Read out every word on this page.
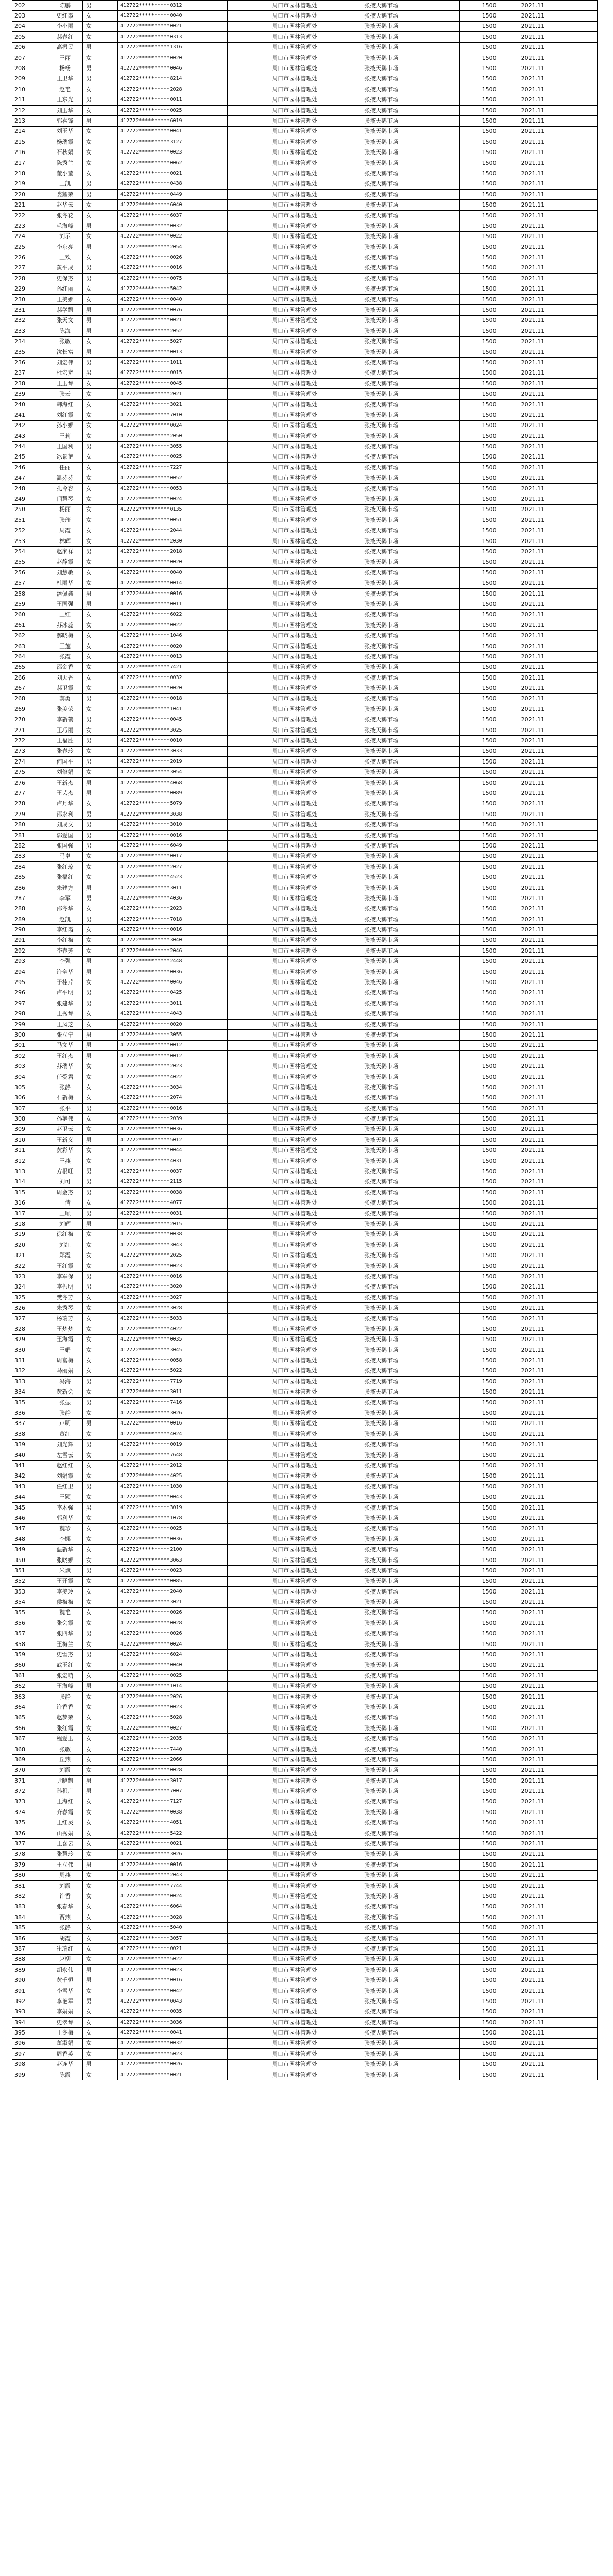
202	陈鹏	男	412722**********0312	周口市园林管理处	张掖天鹅市场	1500	2021.11
203	史红霞	女	412722**********0040	周口市园林管理处	张掖天鹅市场	1500	2021.11
204	李小丽	女	412722**********0021	周口市园林管理处	张掖天鹅市场	1500	2021.11
205	郝春红	女	412722**********0313	周口市园林管理处	张掖天鹅市场	1500	2021.11
206	高振民	男	412722**********1316	周口市园林管理处	张掖天鹅市场	1500	2021.11
207	王丽	女	412722**********0020	周口市园林管理处	张掖天鹅市场	1500	2021.11
208	杨杨	男	412722**********0046	周口市园林管理处	张掖天鹅市场	1500	2021.11
209	王卫华	男	412722**********8214	周口市园林管理处	张掖天鹅市场	1500	2021.11
210	赵艳	女	412722**********2028	周口市园林管理处	张掖天鹅市场	1500	2021.11
211	王东光	男	412722**********0011	周口市园林管理处	张掖天鹅市场	1500	2021.11
212	刘玉华	女	412722**********0025	周口市园林管理处	张掖天鹅市场	1500	2021.11
213	郭喜锋	男	412722**********6019	周口市园林管理处	张掖天鹅市场	1500	2021.11
214	刘玉华	女	412722**********0041	周口市园林管理处	张掖天鹅市场	1500	2021.11
215	杨瑞霞	女	412722**********3127	周口市园林管理处	张掖天鹅市场	1500	2021.11
216	石秋娟	女	412722**********0023	周口市园林管理处	张掖天鹅市场	1500	2021.11
217	陈秀兰	女	412722**********0062	周口市园林管理处	张掖天鹅市场	1500	2021.11
218	董小莹	女	412722**********0021	周口市园林管理处	张掖天鹅市场	1500	2021.11
219	王凯	男	412722**********0438	周口市园林管理处	张掖天鹅市场	1500	2021.11
220	娄耀荣	男	412722**********0449	周口市园林管理处	张掖天鹅市场	1500	2021.11
221	赵华云	女	412722**********6040	周口市园林管理处	张掖天鹅市场	1500	2021.11
222	张冬花	女	412722**********6037	周口市园林管理处	张掖天鹅市场	1500	2021.11
223	毛海峰	男	412722**********0032	周口市园林管理处	张掖天鹅市场	1500	2021.11
224	刘示	女	412722**********0022	周口市园林管理处	张掖天鹅市场	1500	2021.11
225	李东亮	男	412722**********2054	周口市园林管理处	张掖天鹅市场	1500	2021.11
226	王欢	女	412722**********0026	周口市园林管理处	张掖天鹅市场	1500	2021.11
227	黄平成	男	412722**********0016	周口市园林管理处	张掖天鹅市场	1500	2021.11
228	史保杰	男	412722**********0075	周口市园林管理处	张掖天鹅市场	1500	2021.11
229	孙红丽	女	412722**********5042	周口市园林管理处	张掖天鹅市场	1500	2021.11
230	王美娜	女	412722**********0040	周口市园林管理处	张掖天鹅市场	1500	2021.11
231	郝学凯	男	412722**********0076	周口市园林管理处	张掖天鹅市场	1500	2021.11
232	张天文	男	412722**********0021	周口市园林管理处	张掖天鹅市场	1500	2021.11
233	陈海	男	412722**********2052	周口市园林管理处	张掖天鹅市场	1500	2021.11
234	张敏	女	412722**********5027	周口市园林管理处	张掖天鹅市场	1500	2021.11
235	沈长富	男	412722**********0013	周口市园林管理处	张掖天鹅市场	1500	2021.11
236	刘宏伟	男	412722**********1011	周口市园林管理处	张掖天鹅市场	1500	2021.11
237	杜宏宽	男	412722**********0015	周口市园林管理处	张掖天鹅市场	1500	2021.11
238	王玉琴	女	412722**********0045	周口市园林管理处	张掖天鹅市场	1500	2021.11
239	张云	女	412722**********2021	周口市园林管理处	张掖天鹅市场	1500	2021.11
240	韩海红	女	412722**********3021	周口市园林管理处	张掖天鹅市场	1500	2021.11
241	刘红霞	女	412722**********7010	周口市园林管理处	张掖天鹅市场	1500	2021.11
242	孙小娜	女	412722**********0024	周口市园林管理处	张掖天鹅市场	1500	2021.11
243	王莉	女	412722**********2050	周口市园林管理处	张掖天鹅市场	1500	2021.11
244	王国利	男	412722**********3055	周口市园林管理处	张掖天鹅市场	1500	2021.11
245	冰景艳	女	412722**********0025	周口市园林管理处	张掖天鹅市场	1500	2021.11
246	任丽	女	412722**********7227	周口市园林管理处	张掖天鹅市场	1500	2021.11
247	温芬芬	女	412722**********0052	周口市园林管理处	张掖天鹅市场	1500	2021.11
248	孔令容	女	412722**********0053	周口市园林管理处	张掖天鹅市场	1500	2021.11
249	闫慧琴	女	412722**********0024	周口市园林管理处	张掖天鹅市场	1500	2021.11
250	杨丽	女	412722**********0135	周口市园林管理处	张掖天鹅市场	1500	2021.11
251	张瑞	女	412722**********0051	周口市园林管理处	张掖天鹅市场	1500	2021.11
252	周霞	女	412722**********2044	周口市园林管理处	张掖天鹅市场	1500	2021.11
253	林辉	女	412722**********2030	周口市园林管理处	张掖天鹅市场	1500	2021.11
254	赵家祥	男	412722**********2018	周口市园林管理处	张掖天鹅市场	1500	2021.11
255	赵静霞	女	412722**********0020	周口市园林管理处	张掖天鹅市场	1500	2021.11
256	刘慧敏	女	412722**********0040	周口市园林管理处	张掖天鹅市场	1500	2021.11
257	杜丽华	女	412722**********0014	周口市园林管理处	张掖天鹅市场	1500	2021.11
258	潘佩鑫	男	412722**********0016	周口市园林管理处	张掖天鹅市场	1500	2021.11
259	王国强	男	412722**********0011	周口市园林管理处	张掖天鹅市场	1500	2021.11
260	王红	女	412722**********6022	周口市园林管理处	张掖天鹅市场	1500	2021.11
261	苏冰蕊	女	412722**********0022	周口市园林管理处	张掖天鹅市场	1500	2021.11
262	郝晓梅	女	412722**********1046	周口市园林管理处	张掖天鹅市场	1500	2021.11
263	王莲	女	412722**********0020	周口市园林管理处	张掖天鹅市场	1500	2021.11
264	张霞	女	412722**********0013	周口市园林管理处	张掖天鹅市场	1500	2021.11
265	邵金香	女	412722**********7421	周口市园林管理处	张掖天鹅市场	1500	2021.11
266	刘天香	女	412722**********0032	周口市园林管理处	张掖天鹅市场	1500	2021.11
267	郝卫霞	女	412722**********0020	周口市园林管理处	张掖天鹅市场	1500	2021.11
268	窦勇	男	412722**********0018	周口市园林管理处	张掖天鹅市场	1500	2021.11
269	张美荣	女	412722**********1041	周口市园林管理处	张掖天鹅市场	1500	2021.11
270	李新鹤	男	412722**********0045	周口市园林管理处	张掖天鹅市场	1500	2021.11
271	王巧丽	女	412722**********3025	周口市园林管理处	张掖天鹅市场	1500	2021.11
272	王福胜	男	412722**********0010	周口市园林管理处	张掖天鹅市场	1500	2021.11
273	张春玲	女	412722**********3033	周口市园林管理处	张掖天鹅市场	1500	2021.11
274	何国平	男	412722**********2019	周口市园林管理处	张掖天鹅市场	1500	2021.11
275	刘修娟	女	412722**********3054	周口市园林管理处	张掖天鹅市场	1500	2021.11
276	王新杰	男	412722**********4068	周口市园林管理处	张掖天鹅市场	1500	2021.11
277	王芸杰	男	412722**********0089	周口市园林管理处	张掖天鹅市场	1500	2021.11
278	卢月华	女	412722**********5079	周口市园林管理处	张掖天鹅市场	1500	2021.11
279	邵永利	男	412722**********3038	周口市园林管理处	张掖天鹅市场	1500	2021.11
280	刘成文	男	412722**********3010	周口市园林管理处	张掖天鹅市场	1500	2021.11
281	郭爱国	男	412722**********0016	周口市园林管理处	张掖天鹅市场	1500	2021.11
282	张国强	男	412722**********6049	周口市园林管理处	张掖天鹅市场	1500	2021.11
283	马卓	女	412722**********0017	周口市园林管理处	张掖天鹅市场	1500	2021.11
284	张红琼	女	412722**********2027	周口市园林管理处	张掖天鹅市场	1500	2021.11
285	张福红	女	412722**********4523	周口市园林管理处	张掖天鹅市场	1500	2021.11
286	朱建方	男	412722**********3011	周口市园林管理处	张掖天鹅市场	1500	2021.11
287	李军	男	412722**********4036	周口市园林管理处	张掖天鹅市场	1500	2021.11
288	邵冬华	女	412722**********2023	周口市园林管理处	张掖天鹅市场	1500	2021.11
289	赵凯	男	412722**********7018	周口市园林管理处	张掖天鹅市场	1500	2021.11
290	李红霞	女	412722**********0016	周口市园林管理处	张掖天鹅市场	1500	2021.11
291	李红梅	女	412722**********3040	周口市园林管理处	张掖天鹅市场	1500	2021.11
292	李春芳	女	412722**********2046	周口市园林管理处	张掖天鹅市场	1500	2021.11
293	李强	男	412722**********2448	周口市园林管理处	张掖天鹅市场	1500	2021.11
294	许全华	男	412722**********0036	周口市园林管理处	张掖天鹅市场	1500	2021.11
295	于桂芹	女	412722**********0046	周口市园林管理处	张掖天鹅市场	1500	2021.11
296	卢平明	男	412722**********0425	周口市园林管理处	张掖天鹅市场	1500	2021.11
297	张建华	男	412722**********3011	周口市园林管理处	张掖天鹅市场	1500	2021.11
298	王秀琴	女	412722**********4043	周口市园林管理处	张掖天鹅市场	1500	2021.11
299	王凤芝	女	412722**********0020	周口市园林管理处	张掖天鹅市场	1500	2021.11
300	张立宁	男	412722**********3055	周口市园林管理处	张掖天鹅市场	1500	2021.11
301	马文华	男	412722**********0012	周口市园林管理处	张掖天鹅市场	1500	2021.11
302	王红杰	男	412722**********0012	周口市园林管理处	张掖天鹅市场	1500	2021.11
303	苏瑞华	女	412722**********2023	周口市园林管理处	张掖天鹅市场	1500	2021.11
304	任爱君	女	412722**********4022	周口市园林管理处	张掖天鹅市场	1500	2021.11
305	张静	女	412722**********3034	周口市园林管理处	张掖天鹅市场	1500	2021.11
306	石新梅	女	412722**********2074	周口市园林管理处	张掖天鹅市场	1500	2021.11
307	张平	男	412722**********0016	周口市园林管理处	张掖天鹅市场	1500	2021.11
308	孙艳伟	女	412722**********2039	周口市园林管理处	张掖天鹅市场	1500	2021.11
309	赵卫云	女	412722**********0036	周口市园林管理处	张掖天鹅市场	1500	2021.11
310	王新义	男	412722**********5012	周口市园林管理处	张掖天鹅市场	1500	2021.11
311	黄彩华	女	412722**********0044	周口市园林管理处	张掖天鹅市场	1500	2021.11
312	王燕	女	412722**********4031	周口市园林管理处	张掖天鹅市场	1500	2021.11
313	方根旺	男	412722**********0037	周口市园林管理处	张掖天鹅市场	1500	2021.11
314	刘可	男	412722**********2115	周口市园林管理处	张掖天鹅市场	1500	2021.11
315	周金杰	男	412722**********0038	周口市园林管理处	张掖天鹅市场	1500	2021.11
316	王倩	女	412722**********4077	周口市园林管理处	张掖天鹅市场	1500	2021.11
317	王顺	男	412722**********0031	周口市园林管理处	张掖天鹅市场	1500	2021.11
318	刘辉	男	412722**********2015	周口市园林管理处	张掖天鹅市场	1500	2021.11
319	徐红梅	女	412722**********0038	周口市园林管理处	张掖天鹅市场	1500	2021.11
320	刘红	女	412722**********3043	周口市园林管理处	张掖天鹅市场	1500	2021.11
321	郑霞	女	412722**********2025	周口市园林管理处	张掖天鹅市场	1500	2021.11
322	王红霞	女	412722**********0023	周口市园林管理处	张掖天鹅市场	1500	2021.11
323	李军保	男	412722**********0016	周口市园林管理处	张掖天鹅市场	1500	2021.11
324	李振明	男	412722**********3020	周口市园林管理处	张掖天鹅市场	1500	2021.11
325	樊冬芳	女	412722**********3027	周口市园林管理处	张掖天鹅市场	1500	2021.11
326	朱秀琴	女	412722**********3028	周口市园林管理处	张掖天鹅市场	1500	2021.11
327	杨瑞芳	女	412722**********5033	周口市园林管理处	张掖天鹅市场	1500	2021.11
328	王梦梦	女	412722**********4022	周口市园林管理处	张掖天鹅市场	1500	2021.11
329	王海霞	女	412722**********0035	周口市园林管理处	张掖天鹅市场	1500	2021.11
330	王娟	女	412722**********3045	周口市园林管理处	张掖天鹅市场	1500	2021.11
331	周富梅	女	412722**********0058	周口市园林管理处	张掖天鹅市场	1500	2021.11
332	马丽娟	女	412722**********5022	周口市园林管理处	张掖天鹅市场	1500	2021.11
333	冯海	男	412722**********7719	周口市园林管理处	张掖天鹅市场	1500	2021.11
334	黄新会	女	412722**********3011	周口市园林管理处	张掖天鹅市场	1500	2021.11
335	张振	男	412722**********7416	周口市园林管理处	张掖天鹅市场	1500	2021.11
336	张静	女	412722**********3026	周口市园林管理处	张掖天鹅市场	1500	2021.11
337	卢明	男	412722**********0016	周口市园林管理处	张掖天鹅市场	1500	2021.11
338	董红	女	412722**********4024	周口市园林管理处	张掖天鹅市场	1500	2021.11
339	刘光辉	男	412722**********0019	周口市园林管理处	张掖天鹅市场	1500	2021.11
340	左雪云	女	412722**********7648	周口市园林管理处	张掖天鹅市场	1500	2021.11
341	赵红红	女	412722**********2012	周口市园林管理处	张掖天鹅市场	1500	2021.11
342	刘娟霞	女	412722**********4025	周口市园林管理处	张掖天鹅市场	1500	2021.11
343	任红卫	男	412722**********1030	周口市园林管理处	张掖天鹅市场	1500	2021.11
344	王颖	女	412722**********0043	周口市园林管理处	张掖天鹅市场	1500	2021.11
345	李木强	男	412722**********3019	周口市园林管理处	张掖天鹅市场	1500	2021.11
346	郭利华	女	412722**********1078	周口市园林管理处	张掖天鹅市场	1500	2021.11
347	魏珍	女	412722**********0025	周口市园林管理处	张掖天鹅市场	1500	2021.11
348	李娜	女	412722**********0036	周口市园林管理处	张掖天鹅市场	1500	2021.11
349	温新华	女	412722**********2100	周口市园林管理处	张掖天鹅市场	1500	2021.11
350	张晓娜	女	412722**********3063	周口市园林管理处	张掖天鹅市场	1500	2021.11
351	朱斌	男	412722**********0023	周口市园林管理处	张掖天鹅市场	1500	2021.11
352	王开霞	女	412722**********0085	周口市园林管理处	张掖天鹅市场	1500	2021.11
353	李美玲	女	412722**********2040	周口市园林管理处	张掖天鹅市场	1500	2021.11
354	侯梅梅	女	412722**********3021	周口市园林管理处	张掖天鹅市场	1500	2021.11
355	魏艳	女	412722**********0026	周口市园林管理处	张掖天鹅市场	1500	2021.11
356	张会霞	女	412722**********0028	周口市园林管理处	张掖天鹅市场	1500	2021.11
357	张四华	男	412722**********0026	周口市园林管理处	张掖天鹅市场	1500	2021.11
358	王梅兰	女	412722**********0024	周口市园林管理处	张掖天鹅市场	1500	2021.11
359	史雪杰	男	412722**********6024	周口市园林管理处	张掖天鹅市场	1500	2021.11
360	武玉红	女	412722**********0040	周口市园林管理处	张掖天鹅市场	1500	2021.11
361	张宏萌	女	412722**********0025	周口市园林管理处	张掖天鹅市场	1500	2021.11
362	王海峰	男	412722**********1014	周口市园林管理处	张掖天鹅市场	1500	2021.11
363	张静	女	412722**********2026	周口市园林管理处	张掖天鹅市场	1500	2021.11
364	许香香	女	412722**********0023	周口市园林管理处	张掖天鹅市场	1500	2021.11
365	赵梦荣	女	412722**********5028	周口市园林管理处	张掖天鹅市场	1500	2021.11
366	张红霞	女	412722**********0027	周口市园林管理处	张掖天鹅市场	1500	2021.11
367	程爱玉	女	412722**********2035	周口市园林管理处	张掖天鹅市场	1500	2021.11
368	张敏	女	412722**********7440	周口市园林管理处	张掖天鹅市场	1500	2021.11
369	丘燕	女	412722**********2066	周口市园林管理处	张掖天鹅市场	1500	2021.11
370	刘霞	女	412722**********0028	周口市园林管理处	张掖天鹅市场	1500	2021.11
371	尹晓凯	男	412722**********3017	周口市园林管理处	张掖天鹅市场	1500	2021.11
372	孙积广	男	412722**********7007	周口市园林管理处	张掖天鹅市场	1500	2021.11
373	王海红	女	412722**********7127	周口市园林管理处	张掖天鹅市场	1500	2021.11
374	齐春霞	女	412722**********0038	周口市园林管理处	张掖天鹅市场	1500	2021.11
375	王红灵	女	412722**********4051	周口市园林管理处	张掖天鹅市场	1500	2021.11
376	山秀娟	女	412722**********5422	周口市园林管理处	张掖天鹅市场	1500	2021.11
377	王喜云	女	412722**********0021	周口市园林管理处	张掖天鹅市场	1500	2021.11
378	张慧玲	女	412722**********3026	周口市园林管理处	张掖天鹅市场	1500	2021.11
379	王立伟	男	412722**********0016	周口市园林管理处	张掖天鹅市场	1500	2021.11
380	周燕	女	412722**********2043	周口市园林管理处	张掖天鹅市场	1500	2021.11
381	刘霞	女	412722**********7744	周口市园林管理处	张掖天鹅市场	1500	2021.11
382	许香	女	412722**********0024	周口市园林管理处	张掖天鹅市场	1500	2021.11
383	张春华	女	412722**********6064	周口市园林管理处	张掖天鹅市场	1500	2021.11
384	贾燕	女	412722**********3028	周口市园林管理处	张掖天鹅市场	1500	2021.11
385	张静	女	412722**********5040	周口市园林管理处	张掖天鹅市场	1500	2021.11
386	胡霞	女	412722**********3057	周口市园林管理处	张掖天鹅市场	1500	2021.11
387	崔瑞红	女	412722**********0021	周口市园林管理处	张掖天鹅市场	1500	2021.11
388	赵柳	女	412722**********5022	周口市园林管理处	张掖天鹅市场	1500	2021.11
389	胡永伟	男	412722**********0023	周口市园林管理处	张掖天鹅市场	1500	2021.11
390	黄千恒	男	412722**********0016	周口市园林管理处	张掖天鹅市场	1500	2021.11
391	李雪华	女	412722**********0042	周口市园林管理处	张掖天鹅市场	1500	2021.11
392	李艳军	男	412722**********0043	周口市园林管理处	张掖天鹅市场	1500	2021.11
393	李娟娟	女	412722**********0035	周口市园林管理处	张掖天鹅市场	1500	2021.11
394	史翠琴	女	412722**********3036	周口市园林管理处	张掖天鹅市场	1500	2021.11
395	王冬梅	女	412722**********0041	周口市园林管理处	张掖天鹅市场	1500	2021.11
396	董淑娟	女	412722**********0032	周口市园林管理处	张掖天鹅市场	1500	2021.11
397	周香英	女	412722**********5023	周口市园林管理处	张掖天鹅市场	1500	2021.11
398	赵连华	男	412722**********0026	周口市园林管理处	张掖天鹅市场	1500	2021.11
399	陈霞	女	412722**********0021	周口市园林管理处	张掖天鹅市场	1500	2021.11
